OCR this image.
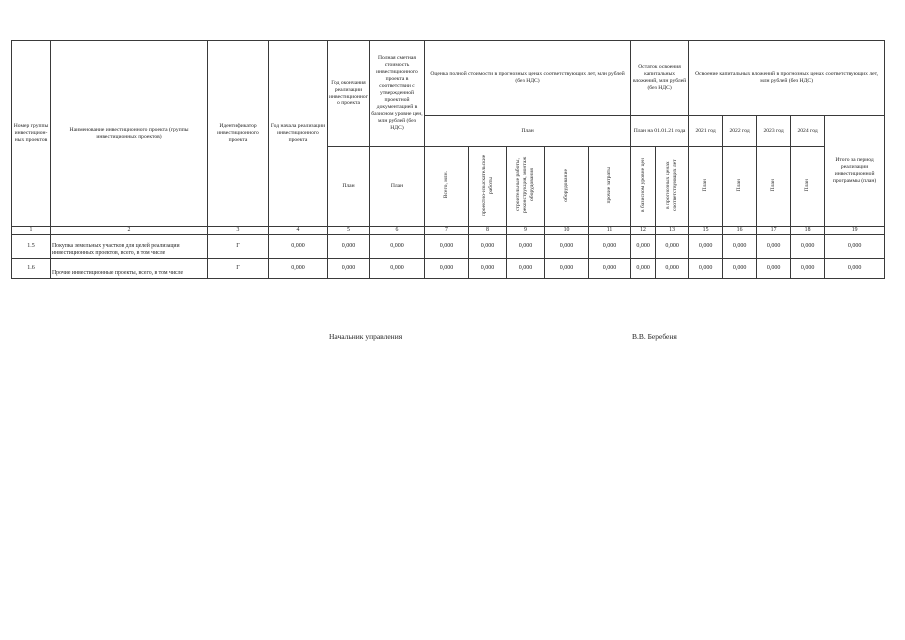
Номер группы инвестицион-ных проектов	Наименование инвестиционного проекта (группы инвестиционных проектов)	Идентификатор инвестиционного проекта	Год начала реализации инвестиционного проекта	Год окончания реализации инвестиционного проекта	Полная сметная стоимость инвестиционного проекта в соответствии с утвержденной проектной документацией в базисном уровне цен, млн рублей (без НДС)	Оценка полной стоимости в прогнозных ценах соответствующих лет, млн рублей (без НДС)					Остаток освоения капитальных вложений, млн рублей (без НДС)		Освоение капитальных вложений в прогнозных ценах соответствующих лет, млн рублей (без НДС)				
						План					План на 01.01.21 года		2021 год	2022 год	2023 год	2024 год	Итого за период реализации инвестиционной программы (план)
				План	План	Всего, млн.	проектно-изыскательские работы	строительные работы, реконструкция, монтаж оборудования	оборудование	прочие затраты	в базисном уровне цен	в прогнозных ценах соответствующих лет	План	План	План	План	
1	2	3	4	5	6	7	8	9	10	11	12	13	15	16	17	18	19
1.5	Покупка земельных участков для целей реализации инвестиционных проектов, всего, в том числе	Г	0,000	0,000	0,000	0,000	0,000	0,000	0,000	0,000	0,000	0,000	0,000	0,000	0,000	0,000	0,000
1.6	Прочие инвестиционные проекты, всего, в том числе	Г	0,000	0,000	0,000	0,000	0,000	0,000	0,000	0,000	0,000	0,000	0,000	0,000	0,000	0,000	0,000
Начальник управления	В.В. Беребеня
